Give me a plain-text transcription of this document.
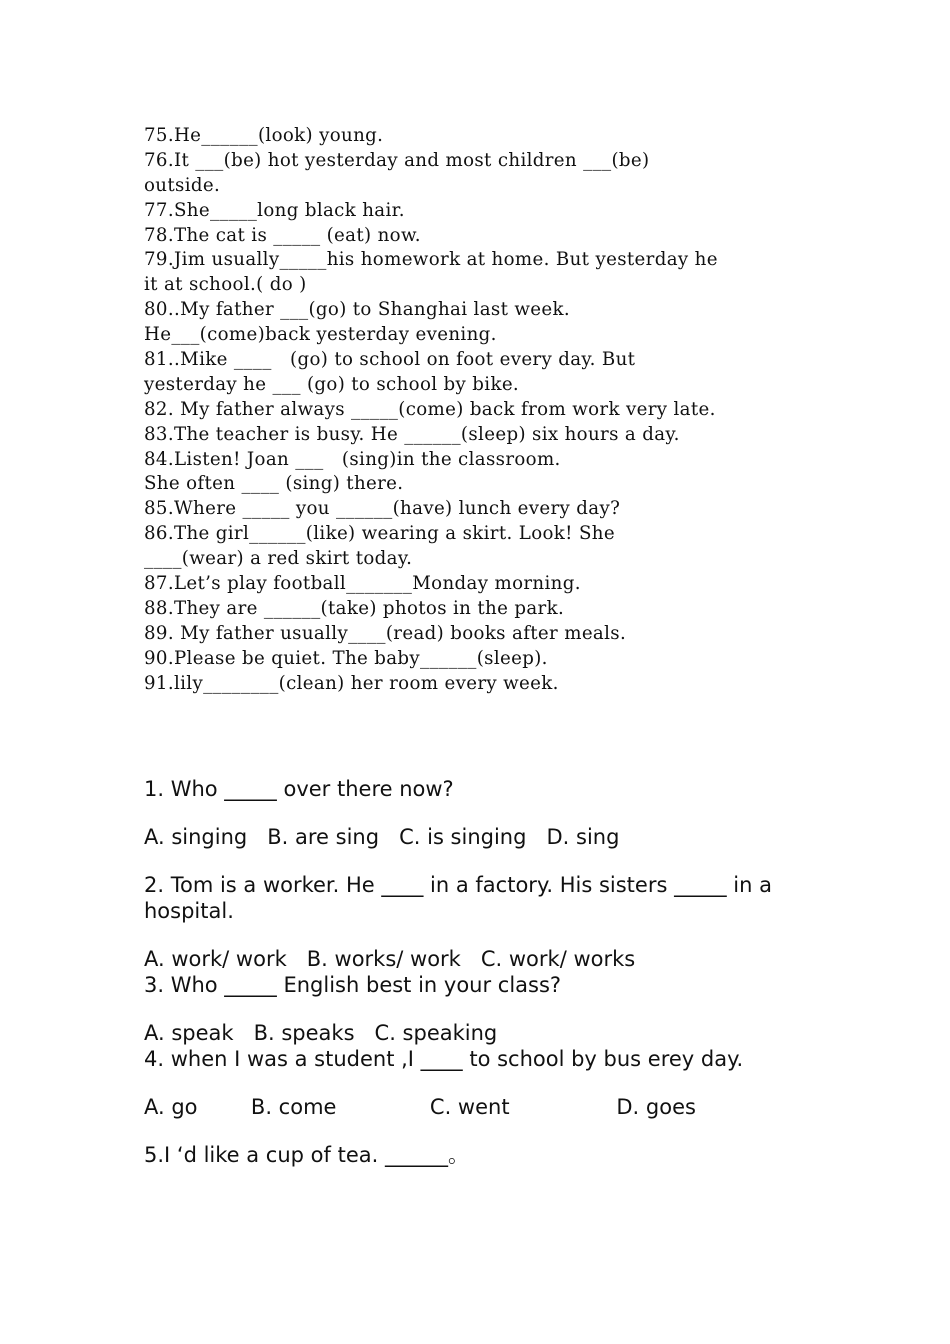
75.He______(look) young.
76.It ___(be) hot yesterday and most children ___(be)
outside.
77.She_____long black hair.
78.The cat is _____ (eat) now.
79.Jim usually_____his homework at home. But yesterday he
it at school.( do )
80..My father ___(go) to Shanghai last week.
He___(come)back yesterday evening.
81..Mike ____   (go) to school on foot every day. But
yesterday he ___ (go) to school by bike.
82. My father always _____(come) back from work very late.
83.The teacher is busy. He ______(sleep) six hours a day.
84.Listen! Joan ___   (sing)in the classroom.
She often ____ (sing) there.
85.Where _____ you ______(have) lunch every day?
86.The girl______(like) wearing a skirt. Look! She
____(wear) a red skirt today.
87.Let’s play football_______Monday morning.
88.They are ______(take) photos in the park.
89. My father usually____(read) books after meals.
90.Please be quiet. The baby______(sleep).
91.lily________(clean) her room every week.
1. Who _____ over there now?
A. singing   B. are sing   C. is singing   D. sing
2. Tom is a worker. He ____ in a factory. His sisters _____ in a hospital.
A. work/ work   B. works/ work   C. work/ works
3. Who _____ English best in your class?
A. speak   B. speaks   C. speaking
4. when I was a student ,I ____ to school by bus erey day.
A. go        B. come              C. went                D. goes
5.I ‘d like a cup of tea. ______。
